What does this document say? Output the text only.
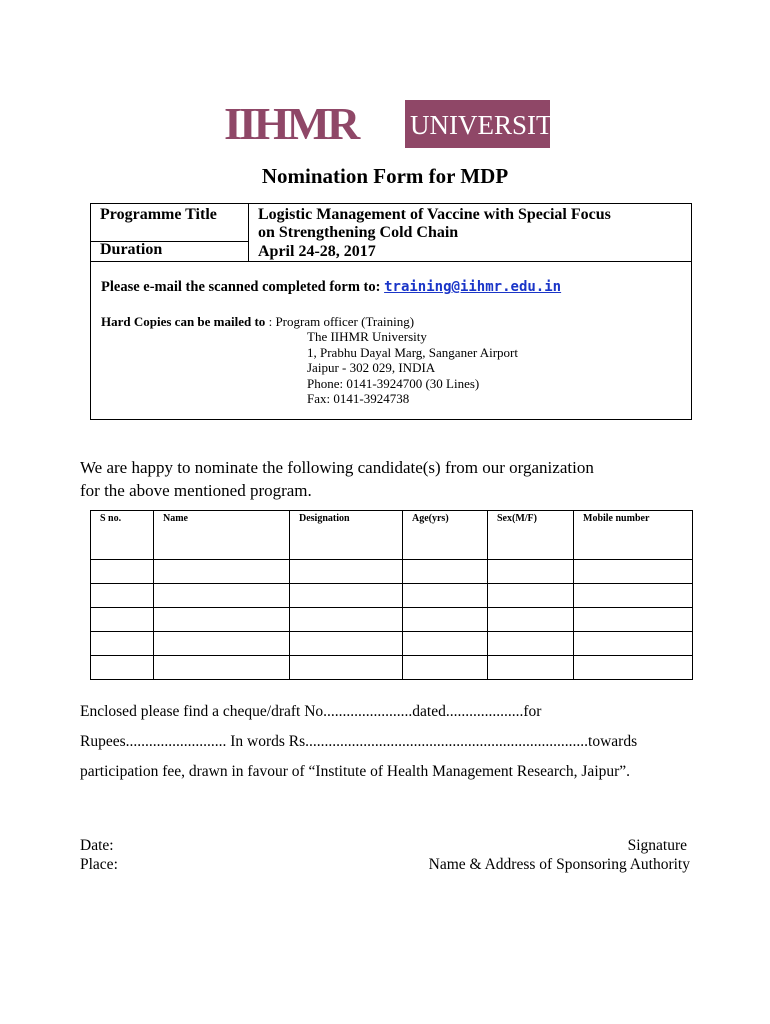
IIHMR UNIVERSITY
Nomination Form for MDP
Programme Title	Logistic Management of Vaccine with Special Focus
on Strengthening Cold Chain
Duration	April 24-28, 2017
Please e-mail the scanned completed form to: training@iihmr.edu.in
Hard Copies can be mailed to : Program officer (Training)
The IIHMR University
1, Prabhu Dayal Marg, Sanganer Airport
Jaipur - 302 029, INDIA
Phone: 0141-3924700 (30 Lines)
Fax: 0141-3924738
We are happy to nominate the following candidate(s) from our organization
for the above mentioned program.
S no.	Name	Designation	Age(yrs)	Sex(M/F)	Mobile number

Enclosed please find a cheque/draft No.......................dated....................for
Rupees.......................... In words Rs.........................................................................towards
participation fee, drawn in favour of “Institute of Health Management Research, Jaipur”.
Date:
Place:
Signature
Name & Address of Sponsoring Authority
